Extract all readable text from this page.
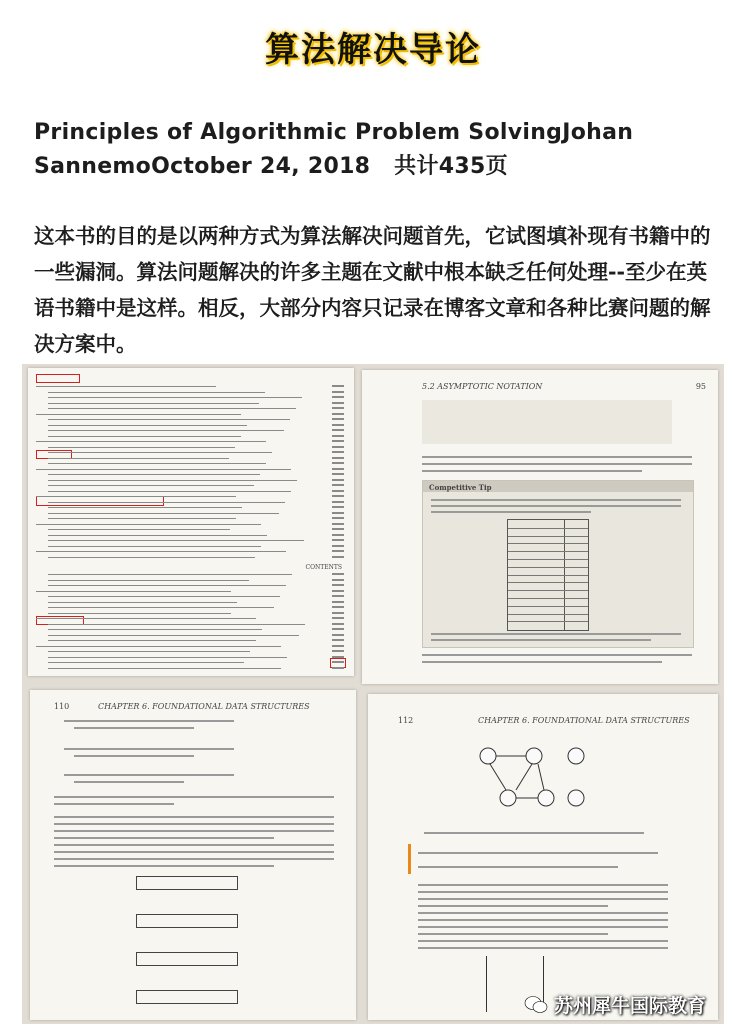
算法解决导论
Principles of Algorithmic Problem SolvingJohan
SannemoOctober 24, 2018   共计435页
这本书的目的是以两种方式为算法解决问题首先，它试图填补现有书籍中的一些漏洞。算法问题解决的许多主题在文献中根本缺乏任何处理--至少在英语书籍中是这样。相反，大部分内容只记录在博客文章和各种比赛问题的解决方案中。
CONTENTS
5.2 ASYMPTOTIC NOTATION	95
Competitive Tip
110	CHAPTER 6. FOUNDATIONAL DATA STRUCTURES
112	CHAPTER 6. FOUNDATIONAL DATA STRUCTURES
苏州犀牛国际教育
